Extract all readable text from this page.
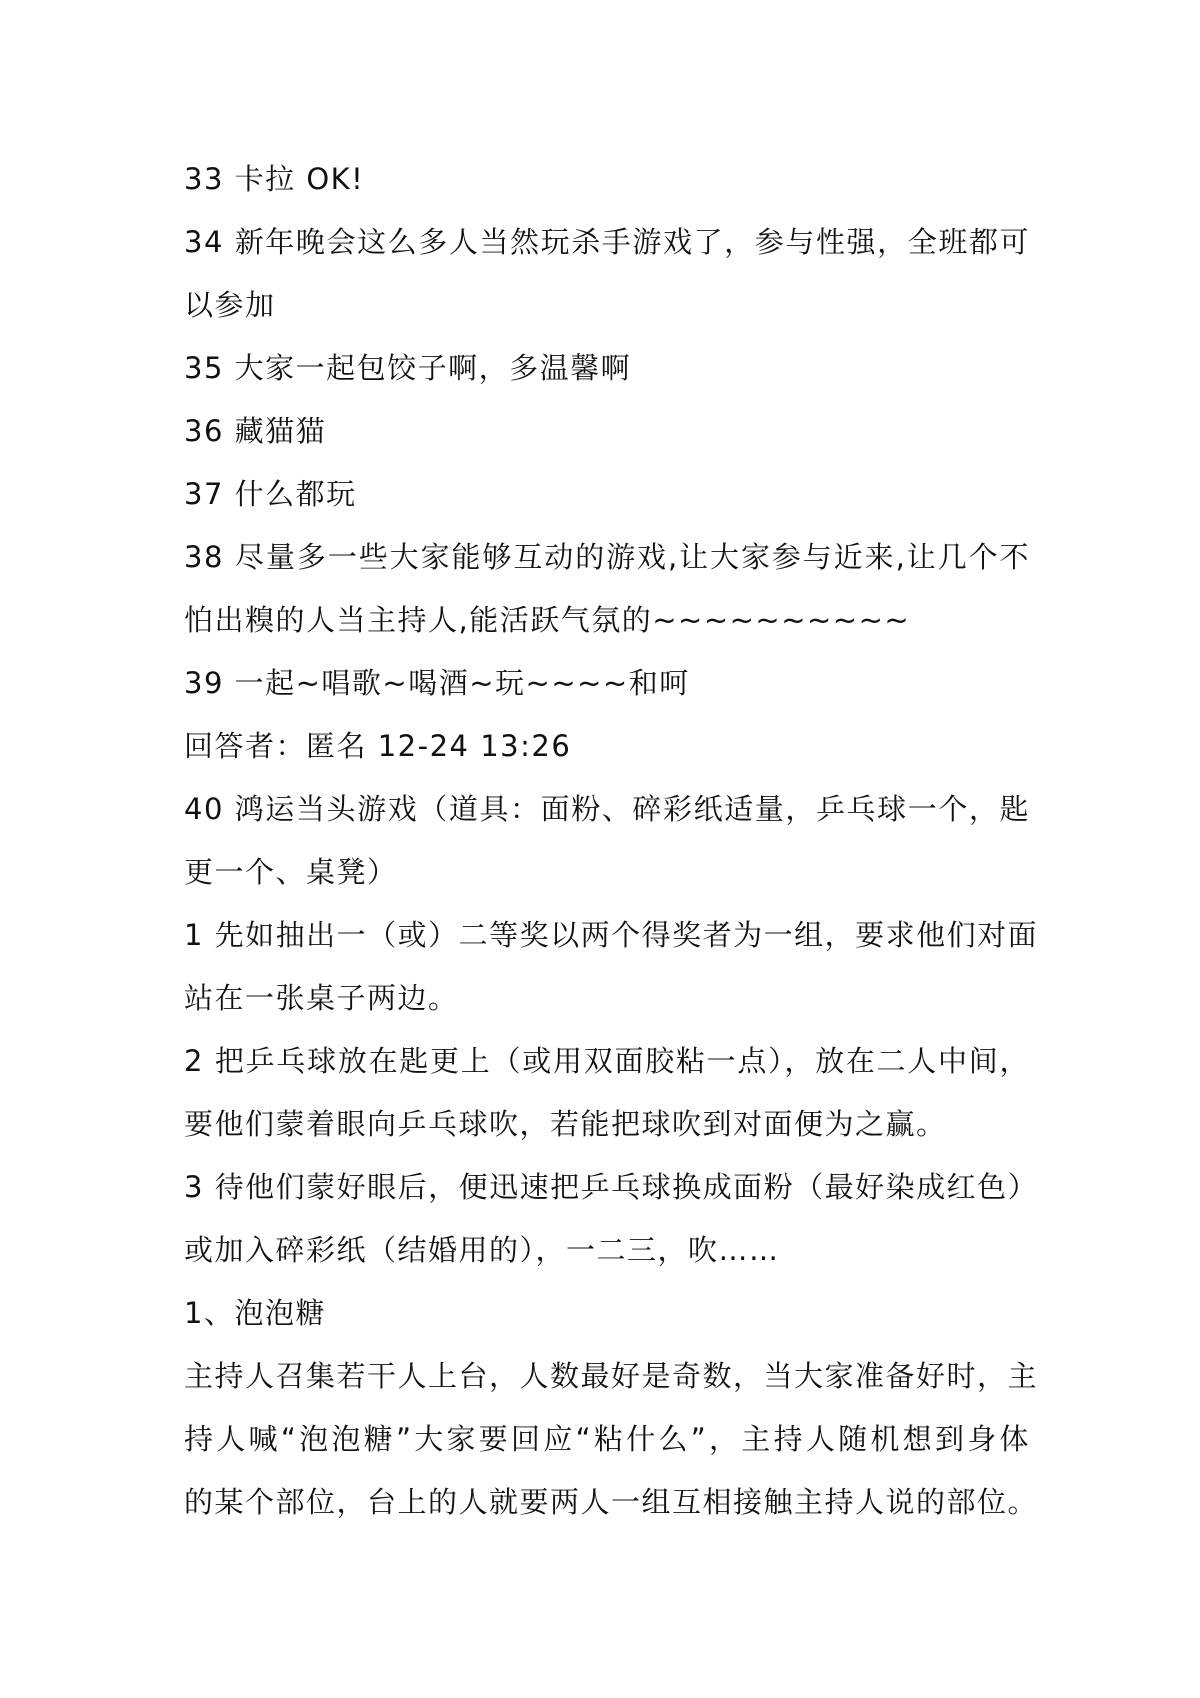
33 卡拉 OK!
34 新年晚会这么多人当然玩杀手游戏了，参与性强，全班都可
以参加
35 大家一起包饺子啊，多温馨啊
36 藏猫猫
37 什么都玩
38 尽量多一些大家能够互动的游戏,让大家参与近来,让几个不
怕出糗的人当主持人,能活跃气氛的~~~~~~~~~~
39 一起~唱歌~喝酒~玩~~~~和呵
回答者：匿名 12-24 13:26
40 鸿运当头游戏（道具：面粉、碎彩纸适量，乒乓球一个，匙
更一个、桌凳）
1 先如抽出一（或）二等奖以两个得奖者为一组，要求他们对面
站在一张桌子两边。
2 把乒乓球放在匙更上（或用双面胶粘一点），放在二人中间，
要他们蒙着眼向乒乓球吹，若能把球吹到对面便为之赢。
3 待他们蒙好眼后，便迅速把乒乓球换成面粉（最好染成红色）
或加入碎彩纸（结婚用的），一二三，吹……
1、泡泡糖
主持人召集若干人上台，人数最好是奇数，当大家准备好时，主
持人喊“泡泡糖”大家要回应“粘什么”，主持人随机想到身体
的某个部位，台上的人就要两人一组互相接触主持人说的部位。
